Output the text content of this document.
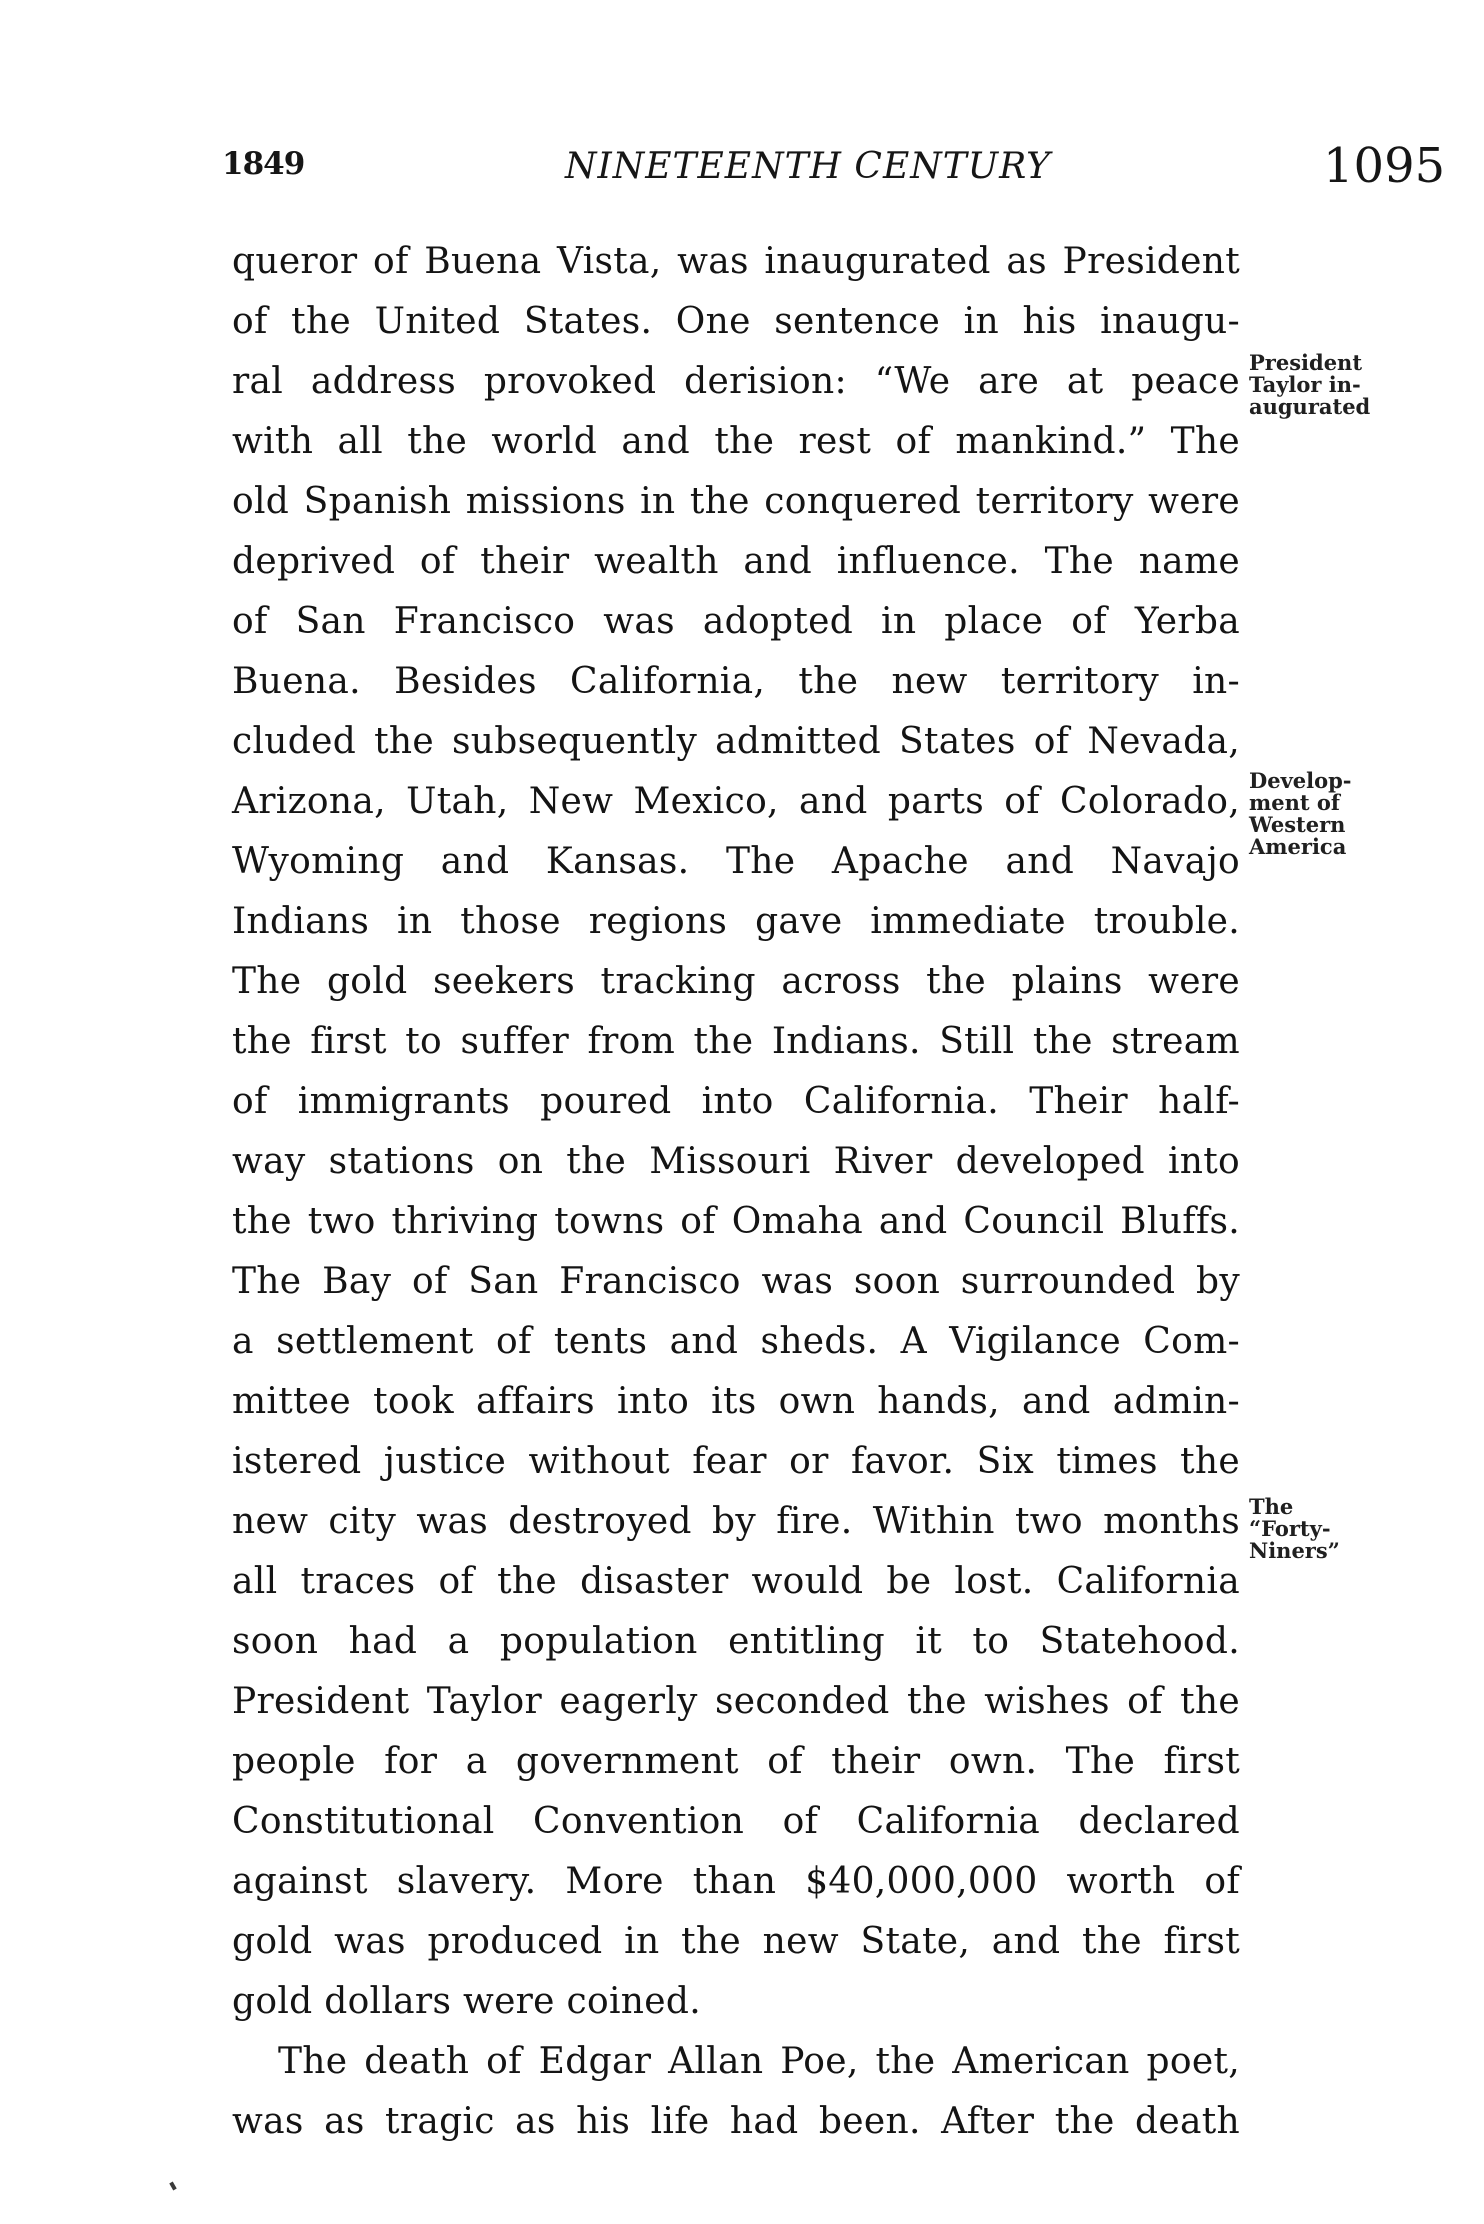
1849	NINETEENTH CENTURY	1095
queror of Buena Vista, was inaugurated as President
of the United States. One sentence in his inaugu-
ral address provoked derision: “We are at peace
with all the world and the rest of mankind.” The
old Spanish missions in the conquered territory were
deprived of their wealth and influence. The name
of San Francisco was adopted in place of Yerba
Buena. Besides California, the new territory in-
cluded the subsequently admitted States of Nevada,
Arizona, Utah, New Mexico, and parts of Colorado,
Wyoming and Kansas. The Apache and Navajo
Indians in those regions gave immediate trouble.
The gold seekers tracking across the plains were
the first to suffer from the Indians. Still the stream
of immigrants poured into California. Their half-
way stations on the Missouri River developed into
the two thriving towns of Omaha and Council Bluffs.
The Bay of San Francisco was soon surrounded by
a settlement of tents and sheds. A Vigilance Com-
mittee took affairs into its own hands, and admin-
istered justice without fear or favor. Six times the
new city was destroyed by fire. Within two months
all traces of the disaster would be lost. California
soon had a population entitling it to Statehood.
President Taylor eagerly seconded the wishes of the
people for a government of their own. The first
Constitutional Convention of California declared
against slavery. More than $40,000,000 worth of
gold was produced in the new State, and the first
gold dollars were coined.
The death of Edgar Allan Poe, the American poet,
was as tragic as his life had been. After the death
President
Taylor in-
augurated
Develop-
ment of
Western
America
The
“Forty-
Niners”
